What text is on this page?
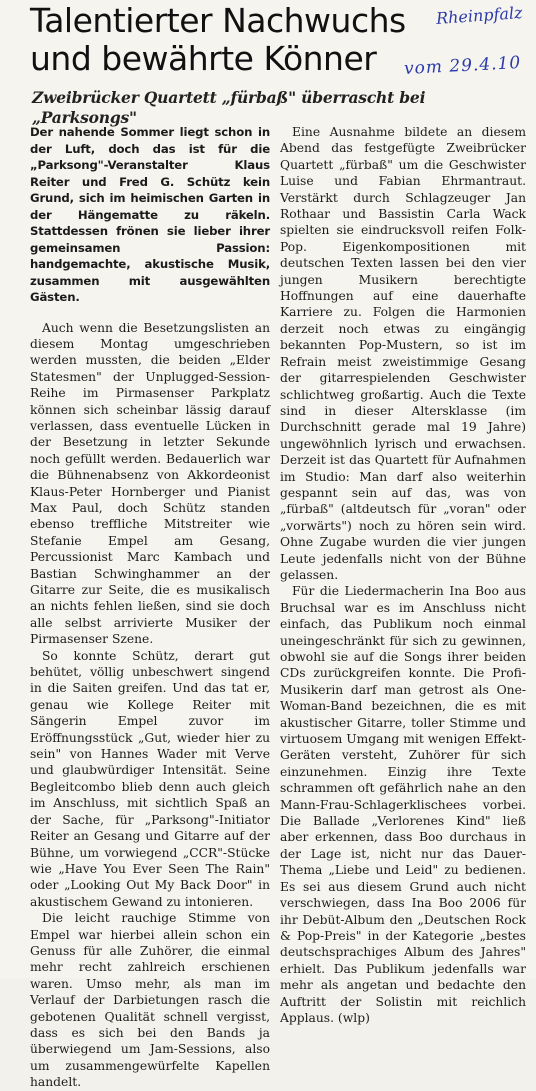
Talentierter Nachwuchs und bewährte Könner
Zweibrücker Quartett „fürbaß" überrascht bei „Parksongs"
Rheinpfalz
vom 29.4.10

Der nahende Sommer liegt schon in der Luft, doch das ist für die „Parksong"-Veranstalter Klaus Reiter und Fred G. Schütz kein Grund, sich im heimischen Garten in der Hängematte zu räkeln. Stattdessen frönen sie lieber ihrer gemeinsamen Passion: handgemachte, akustische Musik, zusammen mit ausgewählten Gästen.

Auch wenn die Besetzungslisten an diesem Montag umgeschrieben werden mussten, die beiden „Elder Statesmen" der Unplugged-Session-Reihe im Pirmasenser Parkplatz können sich scheinbar lässig darauf verlassen, dass eventuelle Lücken in der Besetzung in letzter Sekunde noch gefüllt werden. Bedauerlich war die Bühnenabsenz von Akkordeonist Klaus-Peter Hornberger und Pianist Max Paul, doch Schütz standen ebenso treffliche Mitstreiter wie Stefanie Empel am Gesang, Percussionist Marc Kambach und Bastian Schwinghammer an der Gitarre zur Seite, die es musikalisch an nichts fehlen ließen, sind sie doch alle selbst arrivierte Musiker der Pirmasenser Szene.

So konnte Schütz, derart gut behütet, völlig unbeschwert singend in die Saiten greifen. Und das tat er, genau wie Kollege Reiter mit Sängerin Empel zuvor im Eröffnungsstück „Gut, wieder hier zu sein" von Hannes Wader mit Verve und glaubwürdiger Intensität. Seine Begleitcombo blieb denn auch gleich im Anschluss, mit sichtlich Spaß an der Sache, für „Parksong"-Initiator Reiter an Gesang und Gitarre auf der Bühne, um vorwiegend „CCR"-Stücke wie „Have You Ever Seen The Rain" oder „Looking Out My Back Door" in akustischem Gewand zu intonieren.

Die leicht rauchige Stimme von Empel war hierbei allein schon ein Genuss für alle Zuhörer, die einmal mehr recht zahlreich erschienen waren. Umso mehr, als man im Verlauf der Darbietungen rasch die gebotenen Qualität schnell vergisst, dass es sich bei den Bands ja überwiegend um Jam-Sessions, also um zusammengewürfelte Kapellen handelt.

Eine Ausnahme bildete an diesem Abend das festgefügte Zweibrücker Quartett „fürbaß" um die Geschwister Luise und Fabian Ehrmantraut. Verstärkt durch Schlagzeuger Jan Rothaar und Bassistin Carla Wack spielten sie eindrucksvoll reifen Folk-Pop. Eigenkompositionen mit deutschen Texten lassen bei den vier jungen Musikern berechtigte Hoffnungen auf eine dauerhafte Karriere zu. Folgen die Harmonien derzeit noch etwas zu eingängig bekannten Pop-Mustern, so ist im Refrain meist zweistimmige Gesang der gitarrespielenden Geschwister schlichtweg großartig. Auch die Texte sind in dieser Altersklasse (im Durchschnitt gerade mal 19 Jahre) ungewöhnlich lyrisch und erwachsen. Derzeit ist das Quartett für Aufnahmen im Studio: Man darf also weiterhin gespannt sein auf das, was von „fürbaß" (altdeutsch für „voran" oder „vorwärts") noch zu hören sein wird. Ohne Zugabe wurden die vier jungen Leute jedenfalls nicht von der Bühne gelassen.

Für die Liedermacherin Ina Boo aus Bruchsal war es im Anschluss nicht einfach, das Publikum noch einmal uneingeschränkt für sich zu gewinnen, obwohl sie auf die Songs ihrer beiden CDs zurückgreifen konnte. Die Profi-Musikerin darf man getrost als One-Woman-Band bezeichnen, die es mit akustischer Gitarre, toller Stimme und virtuosem Umgang mit wenigen Effekt-Geräten versteht, Zuhörer für sich einzunehmen. Einzig ihre Texte schrammen oft gefährlich nahe an den Mann-Frau-Schlagerklischees vorbei. Die Ballade „Verlorenes Kind" ließ aber erkennen, dass Boo durchaus in der Lage ist, nicht nur das Dauer-Thema „Liebe und Leid" zu bedienen. Es sei aus diesem Grund auch nicht verschwiegen, dass Ina Boo 2006 für ihr Debüt-Album den „Deutschen Rock & Pop-Preis" in der Kategorie „bestes deutschsprachiges Album des Jahres" erhielt. Das Publikum jedenfalls war mehr als angetan und bedachte den Auftritt der Solistin mit reichlich Applaus. (wlp)
